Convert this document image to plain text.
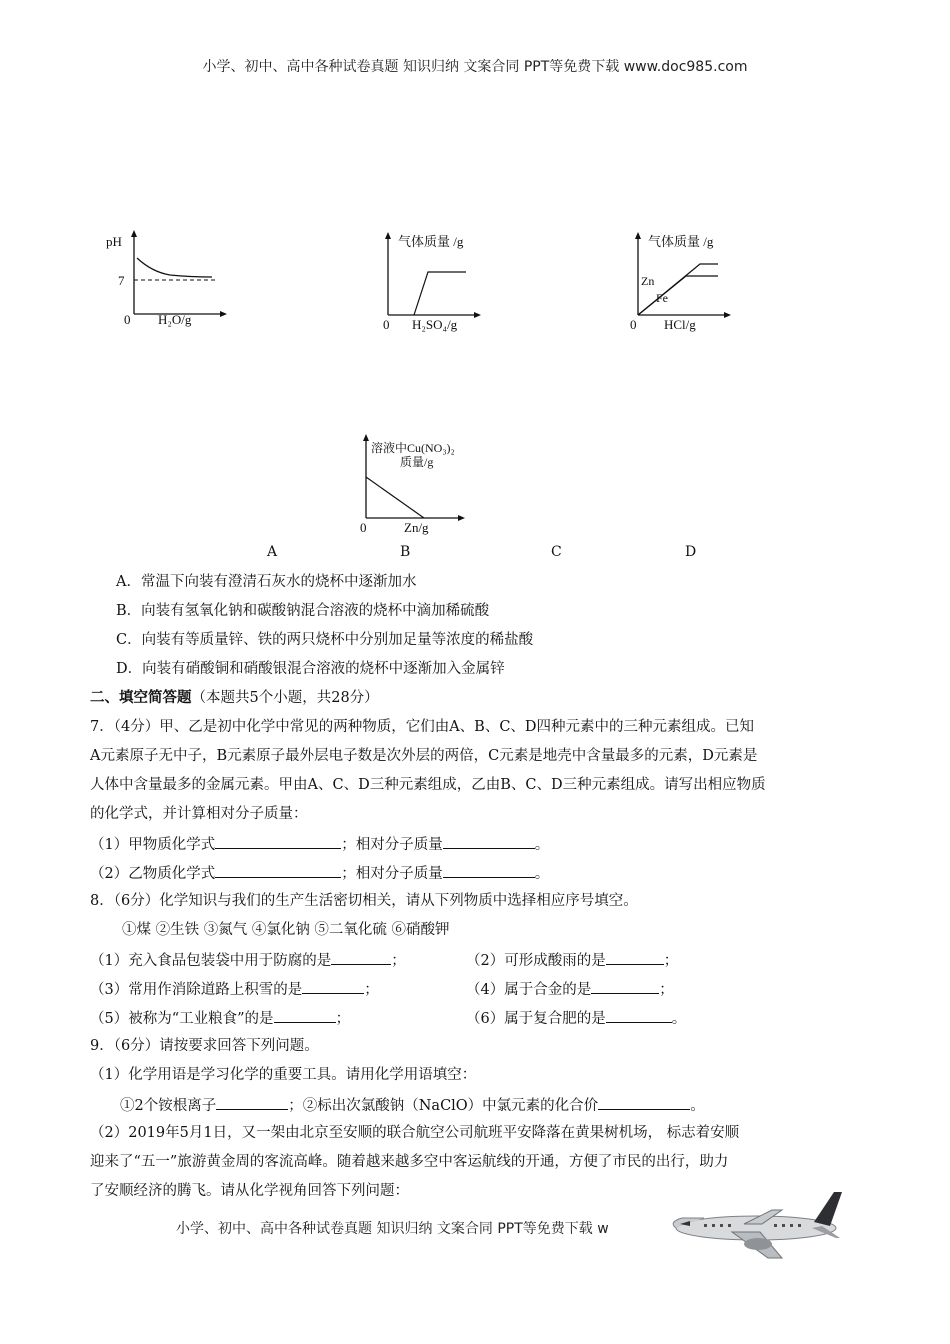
小学、初中、高中各种试卷真题 知识归纳 文案合同 PPT等免费下载 www.doc985.com
pH
7
0 H₂O/g
气体质量 /g
0 H₂SO₄/g
气体质量 /g
Zn
Fe
0 HCl/g
溶液中Cu(NO₃)₂
质量/g
0	Zn/g
A	B	C	D
A．常温下向装有澄清石灰水的烧杯中逐渐加水
B．向装有氢氧化钠和碳酸钠混合溶液的烧杯中滴加稀硫酸
C．向装有等质量锌、铁的两只烧杯中分别加足量等浓度的稀盐酸
D．向装有硝酸铜和硝酸银混合溶液的烧杯中逐渐加入金属锌
二、填空简答题（本题共5个小题，共28分）
7．（4分）甲、乙是初中化学中常见的两种物质，它们由A、B、C、D四种元素中的三种元素组成。已知
A元素原子无中子，B元素原子最外层电子数是次外层的两倍，C元素是地壳中含量最多的元素，D元素是
人体中含量最多的金属元素。甲由A、C、D三种元素组成，乙由B、C、D三种元素组成。请写出相应物质
的化学式，并计算相对分子质量：
（1）甲物质化学式	；相对分子质量	。
（2）乙物质化学式	；相对分子质量	。
8．（6分）化学知识与我们的生产生活密切相关，请从下列物质中选择相应序号填空。
①煤 ②生铁 ③氮气 ④氯化钠 ⑤二氧化硫 ⑥硝酸钾
（1）充入食品包装袋中用于防腐的是	；	（2）可形成酸雨的是	；
（3）常用作消除道路上积雪的是	；	（4）属于合金的是	；
（5）被称为“工业粮食”的是	；	（6）属于复合肥的是	。
9．（6分）请按要求回答下列问题。
（1）化学用语是学习化学的重要工具。请用化学用语填空：
①2个铵根离子	；②标出次氯酸钠（NaClO）中氯元素的化合价	。
（2）2019年5月1日，又一架由北京至安顺的联合航空公司航班平安降落在黄果树机场， 标志着安顺
迎来了“五一”旅游黄金周的客流高峰。随着越来越多空中客运航线的开通，方便了市民的出行，助力
了安顺经济的腾飞。请从化学视角回答下列问题：
小学、初中、高中各种试卷真题 知识归纳 文案合同 PPT等免费下载 w
